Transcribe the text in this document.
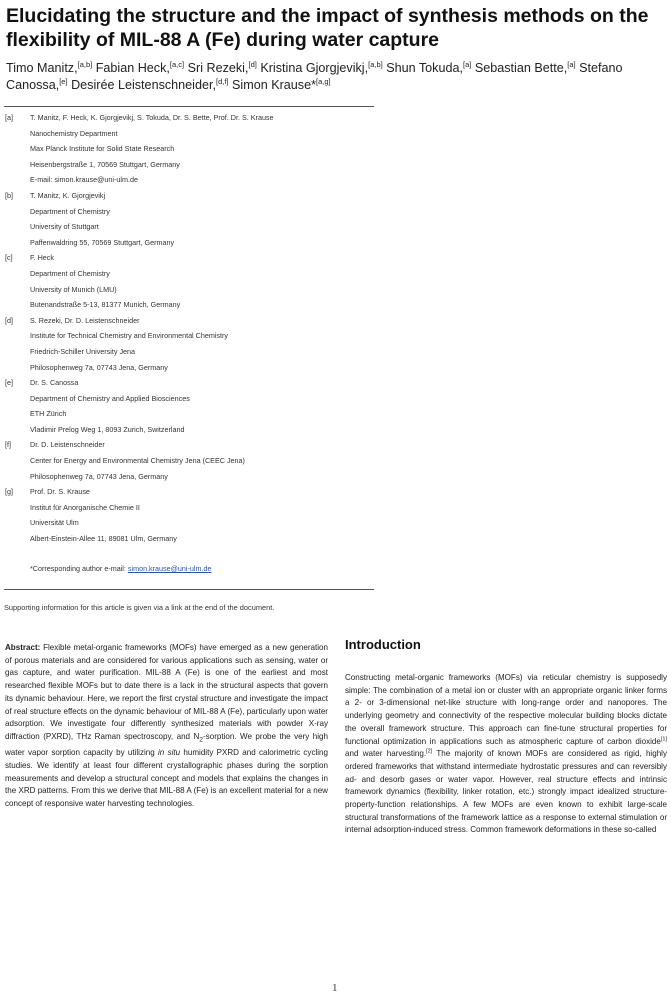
Elucidating the structure and the impact of synthesis methods on the flexibility of MIL-88 A (Fe) during water capture
Timo Manitz,[a,b] Fabian Heck,[a,c] Sri Rezeki,[d] Kristina Gjorgjevikj,[a,b] Shun Tokuda,[a] Sebastian Bette,[a] Stefano Canossa,[e] Desirée Leistenschneider,[d,f] Simon Krause*[a,g]
[a] T. Manitz, F. Heck, K. Gjorgjevikj, S. Tokuda, Dr. S. Bette, Prof. Dr. S. Krause
Nanochemistry Department
Max Planck Institute for Solid State Research
Heisenbergstraße 1, 70569 Stuttgart, Germany
E-mail: simon.krause@uni-ulm.de
[b] T. Manitz, K. Gjorgjevikj
Department of Chemistry
University of Stuttgart
Paffenwaldring 55, 70569 Stuttgart, Germany
[c] F. Heck
Department of Chemistry
University of Munich (LMU)
Butenandstraße 5-13, 81377 Munich, Germany
[d] S. Rezeki, Dr. D. Leistenschneider
Institute for Technical Chemistry and Environmental Chemistry
Friedrich-Schiller University Jena
Philosophenweg 7a, 07743 Jena, Germany
[e] Dr. S. Canossa
Department of Chemistry and Applied Biosciences
ETH Zürich
Vladimir Prelog Weg 1, 8093 Zurich, Switzerland
[f]	Dr. D. Leistenschneider
Center for Energy and Environmental Chemistry Jena (CEEC Jena)
Philosophenweg 7a, 07743 Jena, Germany
[g] Prof. Dr. S. Krause
Institut für Anorganische Chemie II
Universität Ulm
Albert-Einstein-Allee 11, 89081 Ulm, Germany
*Corresponding author e-mail: simon.krause@uni-ulm.de
Supporting information for this article is given via a link at the end of the document.
Abstract: Flexible metal-organic frameworks (MOFs) have emerged as a new generation of porous materials and are considered for various applications such as sensing, water or gas capture, and water purification. MIL-88 A (Fe) is one of the earliest and most researched flexible MOFs but to date there is a lack in the structural aspects that govern its dynamic behaviour. Here, we report the first crystal structure and investigate the impact of real structure effects on the dynamic behaviour of MIL-88 A (Fe), particularly upon water adsorption. We investigate four differently synthesized materials with powder X-ray diffraction (PXRD), THz Raman spectroscopy, and $N_2$-sorption. We probe the very high water vapor sorption capacity by utilizing in situ humidity PXRD and calorimetric cycling studies. We identify at least four different crystallographic phases during the sorption measurements and develop a structural concept and models that explains the changes in the XRD patterns. From this we derive that MIL-88 A (Fe) is an excellent material for a new concept of responsive water harvesting technologies.
Introduction
Constructing metal-organic frameworks (MOFs) via reticular chemistry is supposedly simple: The combination of a metal ion or cluster with an appropriate organic linker forms a 2- or 3-dimensional net-like structure with long-range order and nanopores. The underlying geometry and connectivity of the respective molecular building blocks dictate the overall framework structure. This approach can fine-tune structural properties for functional optimization in applications such as atmospheric capture of carbon dioxide[1] and water harvesting.[2] The majority of known MOFs are considered as rigid, highly ordered frameworks that withstand intermediate hydrostatic pressures and can reversibly ad- and desorb gases or water vapor. However, real structure effects and intrinsic framework dynamics (flexibility, linker rotation, etc.) strongly impact idealized structure-property-function relationships. A few MOFs are even known to exhibit large-scale structural transformations of the framework lattice as a response to external stimulation or internal adsorption-induced stress. Common framework deformations in these so-called
1
